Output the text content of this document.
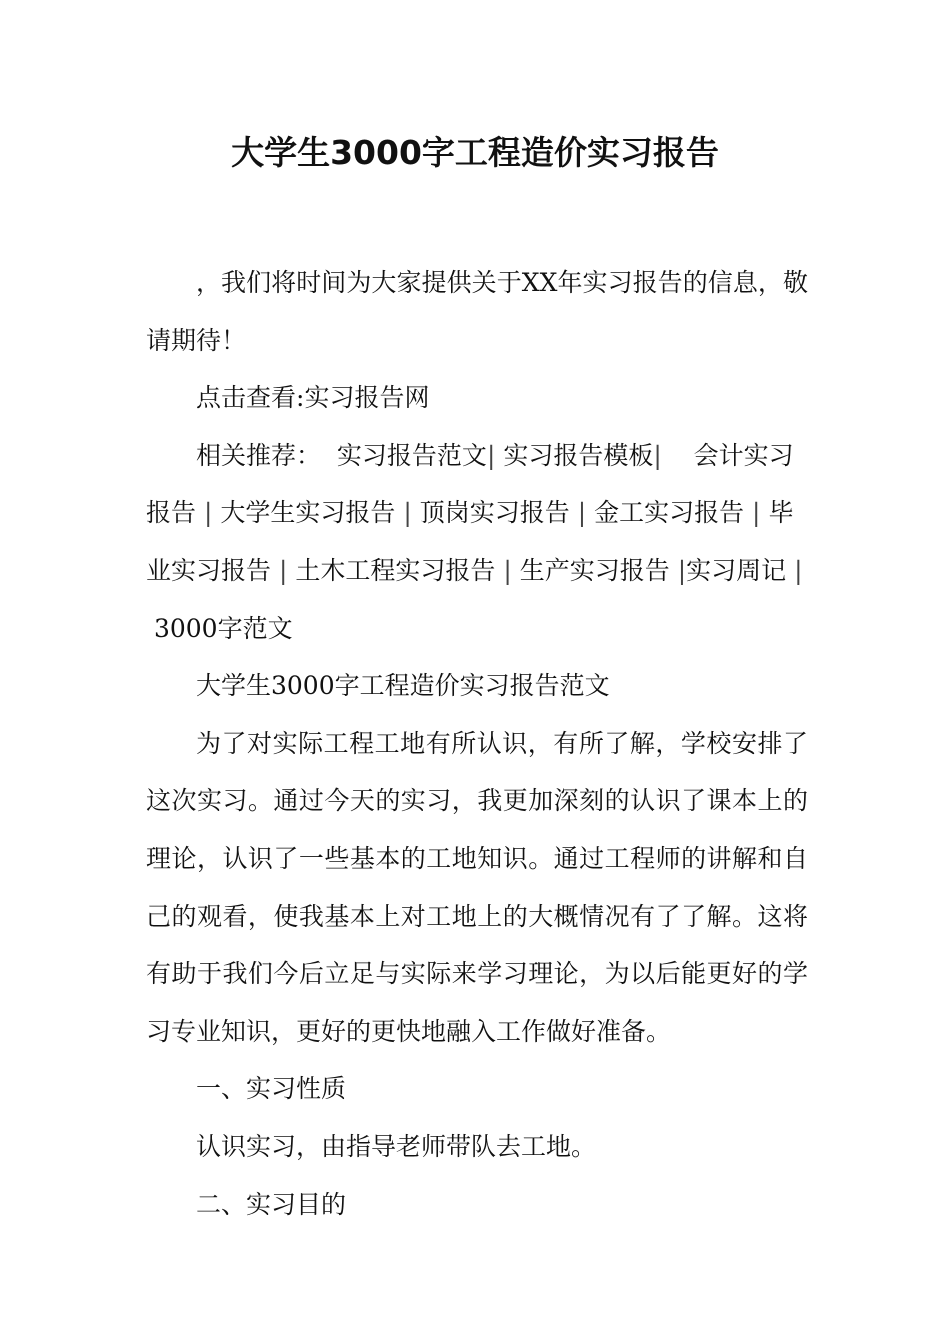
大学生3000字工程造价实习报告

，我们将时间为大家提供关于XX年实习报告的信息，敬请期待！

点击查看:实习报告网

相关推荐： 实习报告范文| 实习报告模板| 会计实习报告 | 大学生实习报告 | 顶岗实习报告 | 金工实习报告 | 毕业实习报告 | 土木工程实习报告 | 生产实习报告 |实习周记 | 3000字范文

大学生3000字工程造价实习报告范文

为了对实际工程工地有所认识，有所了解，学校安排了这次实习。通过今天的实习，我更加深刻的认识了课本上的理论，认识了一些基本的工地知识。通过工程师的讲解和自己的观看，使我基本上对工地上的大概情况有了了解。这将有助于我们今后立足与实际来学习理论，为以后能更好的学习专业知识，更好的更快地融入工作做好准备。

一、实习性质

认识实习，由指导老师带队去工地。

二、实习目的
